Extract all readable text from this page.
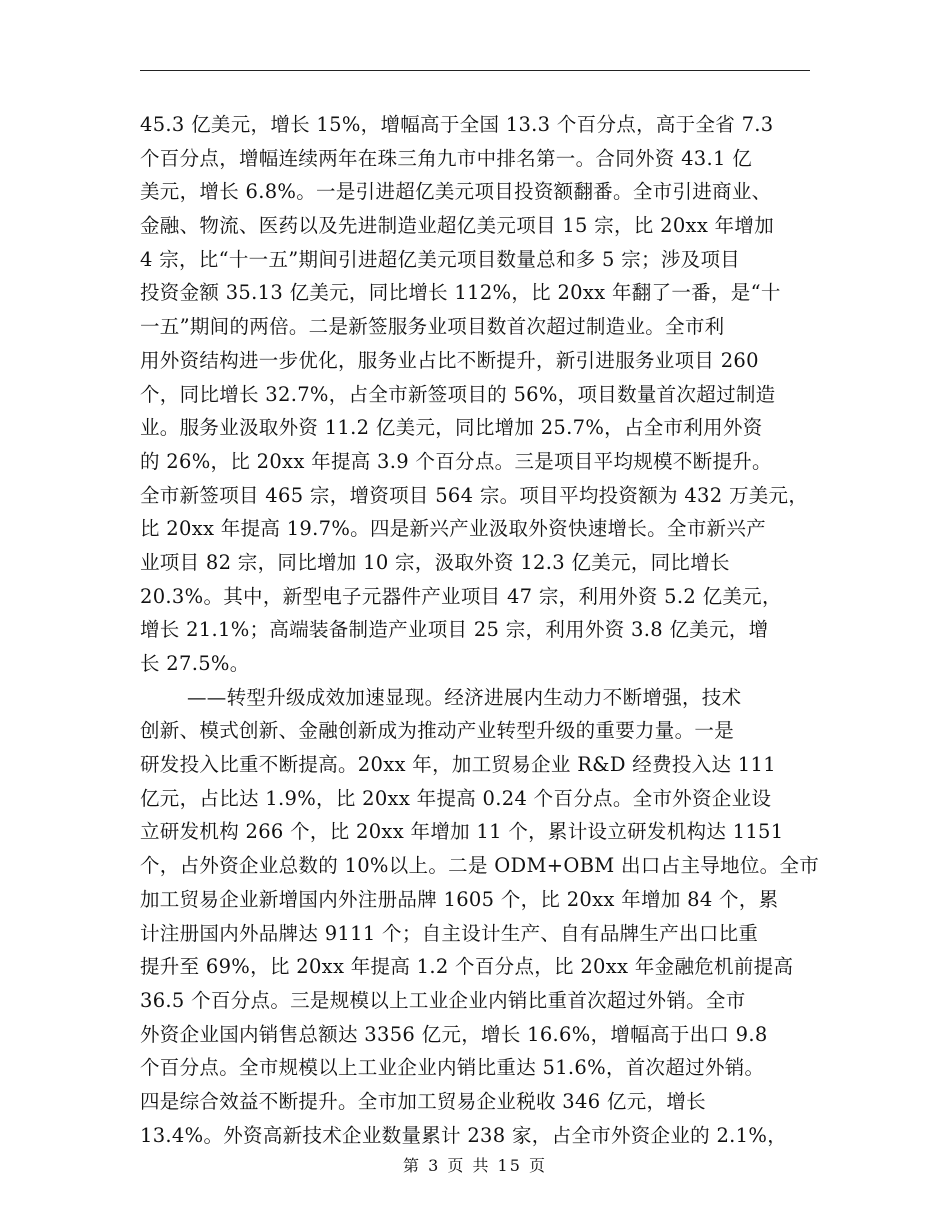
45.3 亿美元，增长 15%，增幅高于全国 13.3 个百分点，高于全省 7.3
个百分点，增幅连续两年在珠三角九市中排名第一。合同外资 43.1 亿
美元，增长 6.8%。一是引进超亿美元项目投资额翻番。全市引进商业、
金融、物流、医药以及先进制造业超亿美元项目 15 宗，比 20xx 年增加
4 宗，比“十一五”期间引进超亿美元项目数量总和多 5 宗；涉及项目
投资金额 35.13 亿美元，同比增长 112%，比 20xx 年翻了一番，是“十
一五”期间的两倍。二是新签服务业项目数首次超过制造业。全市利
用外资结构进一步优化，服务业占比不断提升，新引进服务业项目 260
个，同比增长 32.7%，占全市新签项目的 56%，项目数量首次超过制造
业。服务业汲取外资 11.2 亿美元，同比增加 25.7%，占全市利用外资
的 26%，比 20xx 年提高 3.9 个百分点。三是项目平均规模不断提升。
全市新签项目 465 宗，增资项目 564 宗。项目平均投资额为 432 万美元，
比 20xx 年提高 19.7%。四是新兴产业汲取外资快速增长。全市新兴产
业项目 82 宗，同比增加 10 宗，汲取外资 12.3 亿美元，同比增长
20.3%。其中，新型电子元器件产业项目 47 宗，利用外资 5.2 亿美元，
增长 21.1%；高端装备制造产业项目 25 宗，利用外资 3.8 亿美元，增
长 27.5%。
——转型升级成效加速显现。经济进展内生动力不断增强，技术
创新、模式创新、金融创新成为推动产业转型升级的重要力量。一是
研发投入比重不断提高。20xx 年，加工贸易企业 R&D 经费投入达 111
亿元，占比达 1.9%，比 20xx 年提高 0.24 个百分点。全市外资企业设
立研发机构 266 个，比 20xx 年增加 11 个，累计设立研发机构达 1151
个，占外资企业总数的 10%以上。二是 ODM+OBM 出口占主导地位。全市
加工贸易企业新增国内外注册品牌 1605 个，比 20xx 年增加 84 个，累
计注册国内外品牌达 9111 个；自主设计生产、自有品牌生产出口比重
提升至 69%，比 20xx 年提高 1.2 个百分点，比 20xx 年金融危机前提高
36.5 个百分点。三是规模以上工业企业内销比重首次超过外销。全市
外资企业国内销售总额达 3356 亿元，增长 16.6%，增幅高于出口 9.8
个百分点。全市规模以上工业企业内销比重达 51.6%，首次超过外销。
四是综合效益不断提升。全市加工贸易企业税收 346 亿元，增长
13.4%。外资高新技术企业数量累计 238 家，占全市外资企业的 2.1%，
第 3 页 共 15 页
